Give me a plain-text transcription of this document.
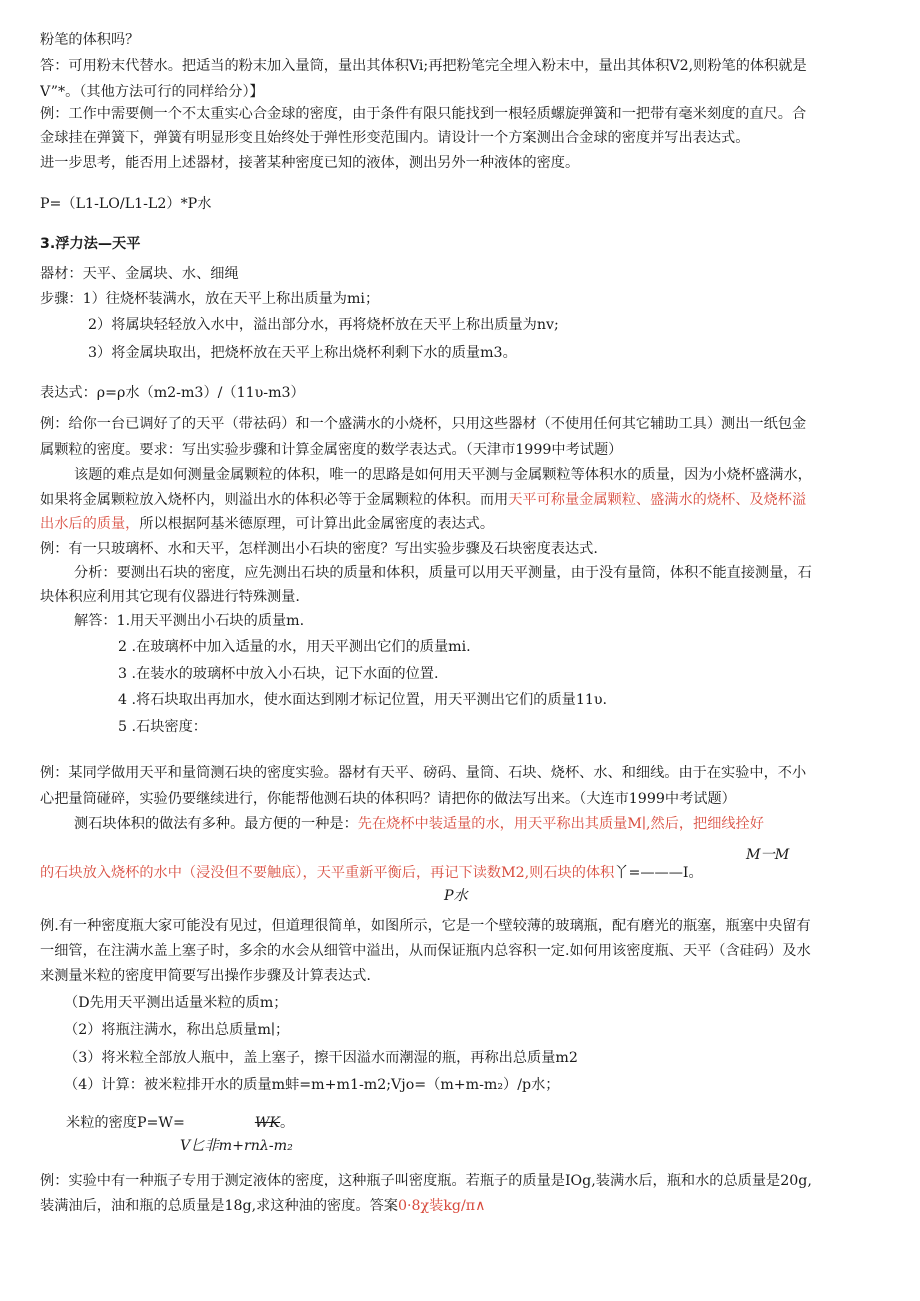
粉笔的体积吗？
答：可用粉末代替水。把适当的粉末加入量筒，量出其体积Vi;再把粉笔完全埋入粉末中，量出其体积V2,则粉笔的体积就是
V”*。（其他方法可行的同样给分）】
例：工作中需要侧一个不太重实心合金球的密度，由于条件有限只能找到一根轻质螺旋弹簧和一把带有毫米刻度的直尺。合
金球挂在弹簧下，弹簧有明显形变且始终处于弹性形变范围内。请设计一个方案测出合金球的密度并写出表达式。
进一步思考，能否用上述器材，接著某种密度已知的液体，测出另外一种液体的密度。
P=（L1-LO/L1-L2）*P水
3.浮力法—天平
器材：天平、金属块、水、细绳
步骤：1）往烧杯装满水，放在天平上称出质量为mi；
2）将属块轻轻放入水中，溢出部分水，再将烧杯放在天平上称出质量为nv;
3）将金属块取出，把烧杯放在天平上称出烧杯利剩下水的质量m3。
表达式：ρ=ρ水（m2-m3）/（11υ-m3）
例：给你一台已调好了的天平（带祛码）和一个盛满水的小烧杯，只用这些器材（不使用任何其它辅助工具）测出一纸包金
属颗粒的密度。要求：写出实验步骤和计算金属密度的数学表达式。（天津市1999中考试题）
该题的难点是如何测量金属颗粒的体积，唯一的思路是如何用天平测与金属颗粒等体积水的质量，因为小烧杯盛满水，
如果将金属颗粒放入烧杯内，则溢出水的体积必等于金属颗粒的体积。而用天平可称量金属颗粒、盛满水的烧杯、及烧杯溢
出水后的质量，所以根据阿基米德原理，可计算出此金属密度的表达式。
例：有一只玻璃杯、水和天平，怎样测出小石块的密度？写出实验步骤及石块密度表达式.
分析：要测出石块的密度，应先测出石块的质量和体积，质量可以用天平测量，由于没有量筒，体积不能直接测量，石
块体积应利用其它现有仪器进行特殊测量.
解答：1.用天平测出小石块的质量m.
2 .在玻璃杯中加入适量的水，用天平测出它们的质量mi.
3 .在装水的玻璃杯中放入小石块，记下水面的位置.
4 .将石块取出再加水，使水面达到刚才标记位置，用天平测出它们的质量11υ.
5 .石块密度：
例：某同学做用天平和量筒测石块的密度实验。器材有天平、磅码、量筒、石块、烧杯、水、和细线。由于在实验中，不小
心把量筒碰碎，实验仍要继续进行，你能帮他测石块的体积吗？请把你的做法写出来。（大连市1999中考试题）
测石块体积的做法有多种。最方便的一种是：先在烧杯中装适量的水，用天平称出其质量M∣,然后，把细线拴好
M一M
的石块放入烧杯的水中（浸没但不要触底），天平重新平衡后，再记下读数M2,则石块的体积丫=———I。
P水
例.有一种密度瓶大家可能没有见过，但道理很简单，如图所示，它是一个壁较薄的玻璃瓶，配有磨光的瓶塞，瓶塞中央留有
一细管，在注满水盖上塞子时，多余的水会从细管中溢出，从而保证瓶内总容积一定.如何用该密度瓶、天平（含硅码）及水
来测量米粒的密度甲简要写出操作步骤及计算表达式.
（D先用天平测出适量米粒的质m；
（2）将瓶注满水，称出总质量m∣；
（3）将米粒全部放人瓶中，盖上塞子，擦干因溢水而潮湿的瓶，再称出总质量m2
（4）计算：被米粒排开水的质量m蚌=m+m1-m2;Vjo=（m+m-m₂）/p水；
米粒的密度P=W=	WK。
V匕非m+rnλ-m₂
例：实验中有一种瓶子专用于测定液体的密度，这种瓶子叫密度瓶。若瓶子的质量是IOg,装满水后，瓶和水的总质量是20g,
装满油后，油和瓶的总质量是18g,求这种油的密度。答案0·8χ装kg/π∧
